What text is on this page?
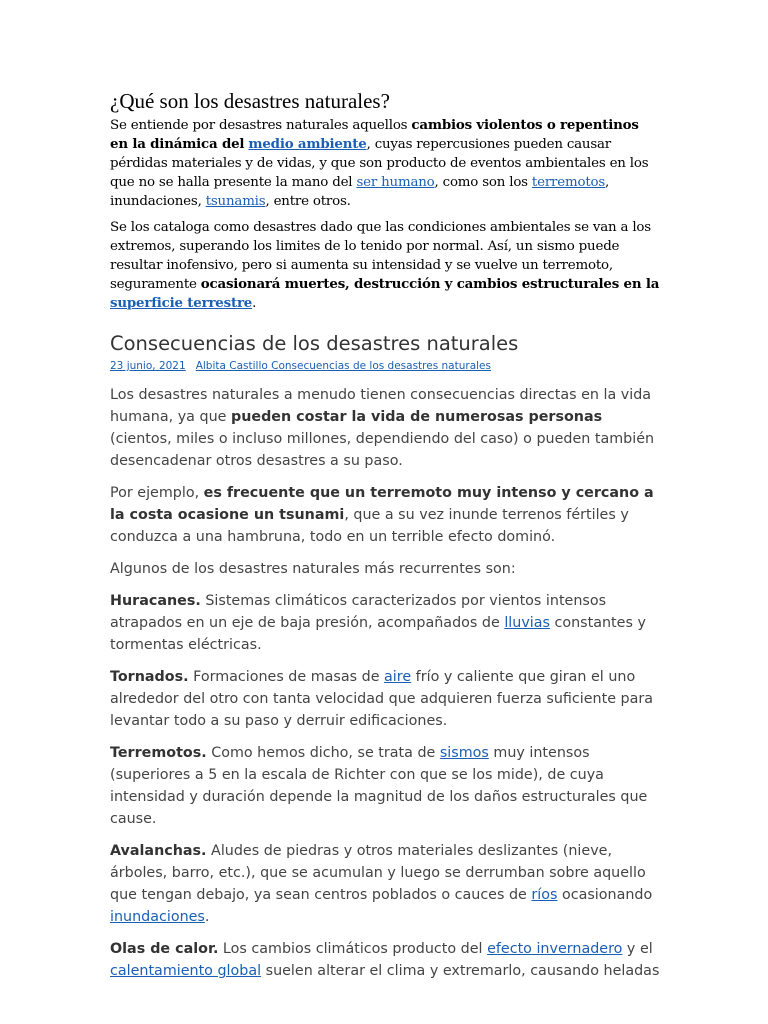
¿Qué son los desastres naturales?

Se entiende por desastres naturales aquellos cambios violentos o repentinos en la dinámica del medio ambiente, cuyas repercusiones pueden causar pérdidas materiales y de vidas, y que son producto de eventos ambientales en los que no se halla presente la mano del ser humano, como son los terremotos, inundaciones, tsunamis, entre otros.

Se los cataloga como desastres dado que las condiciones ambientales se van a los extremos, superando los limites de lo tenido por normal. Así, un sismo puede resultar inofensivo, pero si aumenta su intensidad y se vuelve un terremoto, seguramente ocasionará muertes, destrucción y cambios estructurales en la superficie terrestre.

Consecuencias de los desastres naturales
23 junio, 2021 Albita Castillo Consecuencias de los desastres naturales

Los desastres naturales a menudo tienen consecuencias directas en la vida humana, ya que pueden costar la vida de numerosas personas (cientos, miles o incluso millones, dependiendo del caso) o pueden también desencadenar otros desastres a su paso.

Por ejemplo, es frecuente que un terremoto muy intenso y cercano a la costa ocasione un tsunami, que a su vez inunde terrenos fértiles y conduzca a una hambruna, todo en un terrible efecto dominó.

Algunos de los desastres naturales más recurrentes son:

Huracanes. Sistemas climáticos caracterizados por vientos intensos atrapados en un eje de baja presión, acompañados de lluvias constantes y tormentas eléctricas.

Tornados. Formaciones de masas de aire frío y caliente que giran el uno alrededor del otro con tanta velocidad que adquieren fuerza suficiente para levantar todo a su paso y derruir edificaciones.

Terremotos. Como hemos dicho, se trata de sismos muy intensos (superiores a 5 en la escala de Richter con que se los mide), de cuya intensidad y duración depende la magnitud de los daños estructurales que cause.

Avalanchas. Aludes de piedras y otros materiales deslizantes (nieve, árboles, barro, etc.), que se acumulan y luego se derrumban sobre aquello que tengan debajo, ya sean centros poblados o cauces de ríos ocasionando inundaciones.

Olas de calor. Los cambios climáticos producto del efecto invernadero y el calentamiento global suelen alterar el clima y extremarlo, causando heladas
